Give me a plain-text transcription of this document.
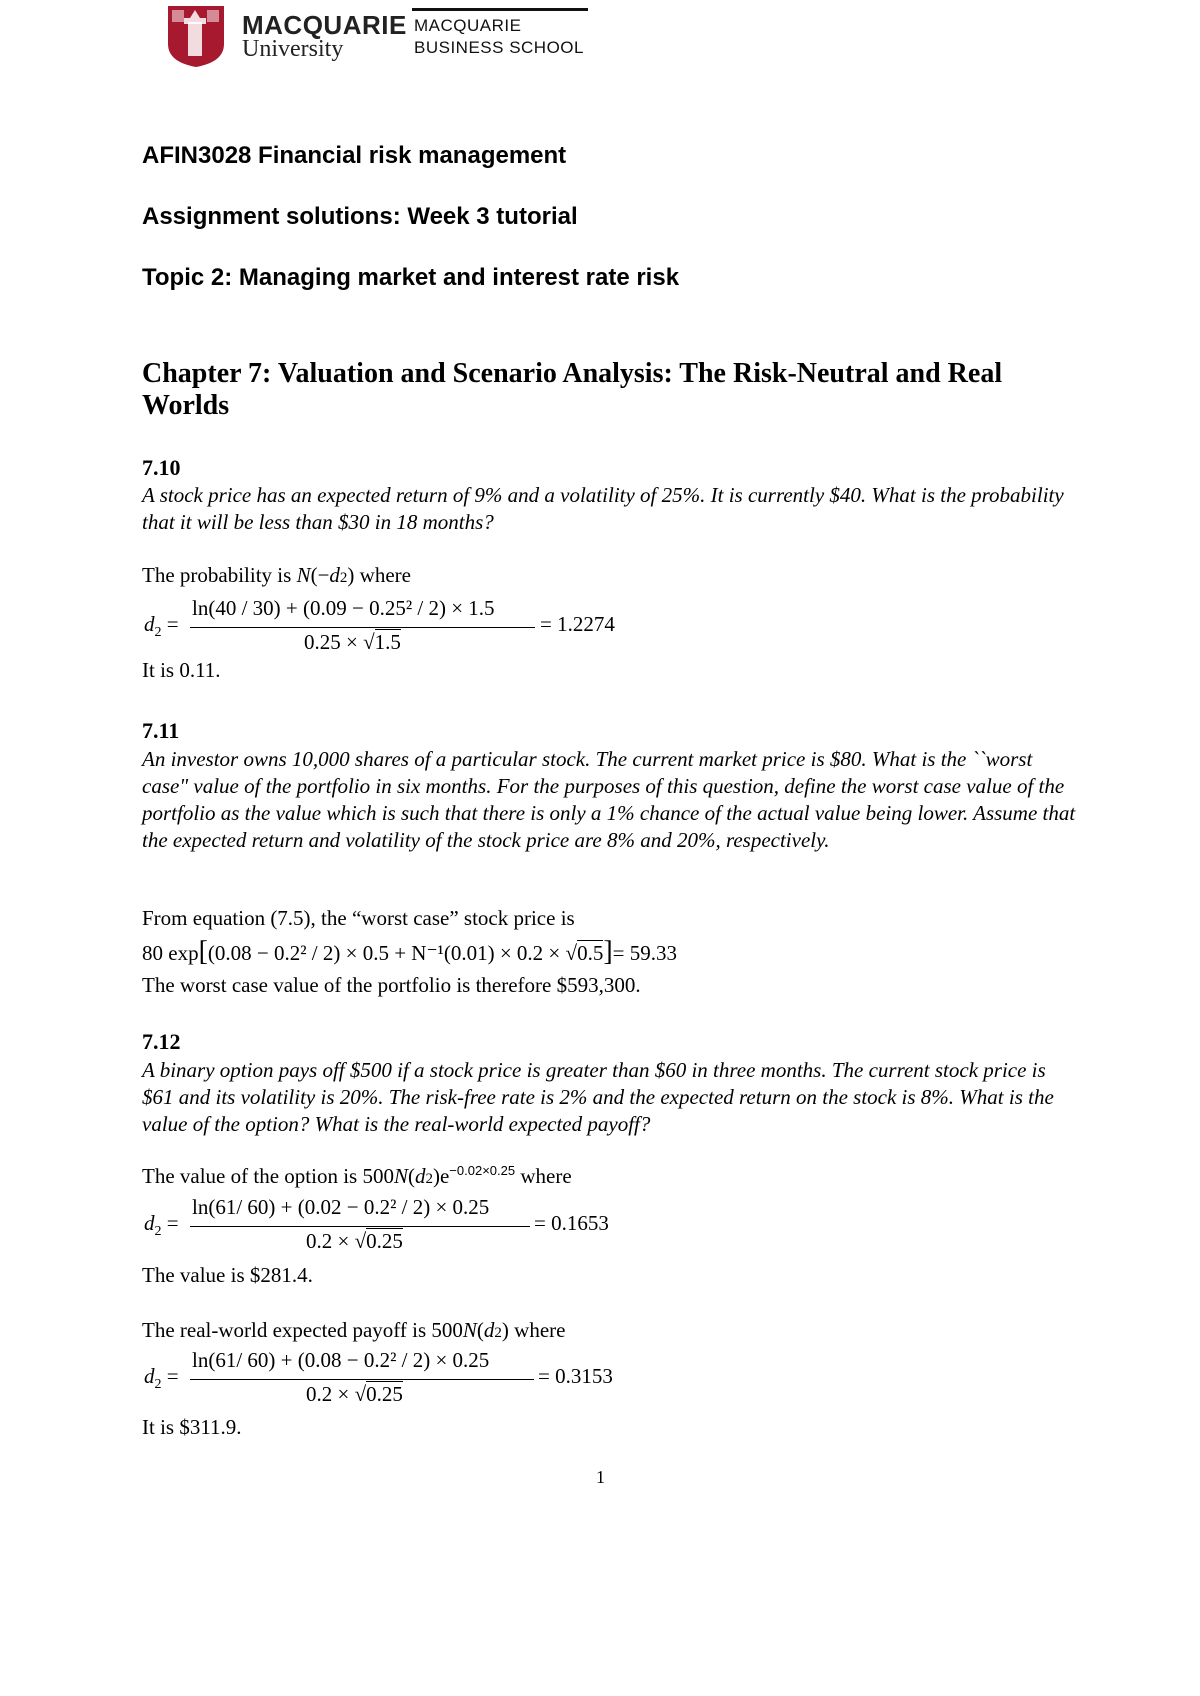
MACQUARIE
University
MACQUARIE
BUSINESS SCHOOL
AFIN3028 Financial risk management
Assignment solutions: Week 3 tutorial
Topic 2: Managing market and interest rate risk
Chapter 7: Valuation and Scenario Analysis: The Risk-Neutral and Real Worlds
7.10
A stock price has an expected return of 9% and a volatility of 25%. It is currently $40. What is the probability that it will be less than $30 in 18 months?
The probability is N(−d2) where
$d_2$ =
ln(40 / 30) + (0.09 − 0.25² / 2) × 1.5
0.25 × √1.5
= 1.2274
It is 0.11.
7.11
An investor owns 10,000 shares of a particular stock. The current market price is $80. What is the ``worst case" value of the portfolio in six months. For the purposes of this question, define the worst case value of the portfolio as the value which is such that there is only a 1% chance of the actual value being lower. Assume that the expected return and volatility of the stock price are 8% and 20%, respectively.
From equation (7.5), the “worst case” stock price is
80 exp[(0.08 − 0.2² / 2) × 0.5 + N⁻¹(0.01) × 0.2 × √0.5]= 59.33
The worst case value of the portfolio is therefore $593,300.
7.12
A binary option pays off $500 if a stock price is greater than $60 in three months. The current stock price is $61 and its volatility is 20%. The risk-free rate is 2% and the expected return on the stock is 8%. What is the value of the option? What is the real-world expected payoff?
The value of the option is $500N(d2)e^{-0.02\times 0.25}$ where
$d_2$ =
ln(61/ 60) + (0.02 − 0.2² / 2) × 0.25
0.2 × √0.25
= 0.1653
The value is $281.4.
The real-world expected payoff is 500N(d2) where
$d_2$ =
ln(61/ 60) + (0.08 − 0.2² / 2) × 0.25
0.2 × √0.25
= 0.3153
It is $311.9.
1
